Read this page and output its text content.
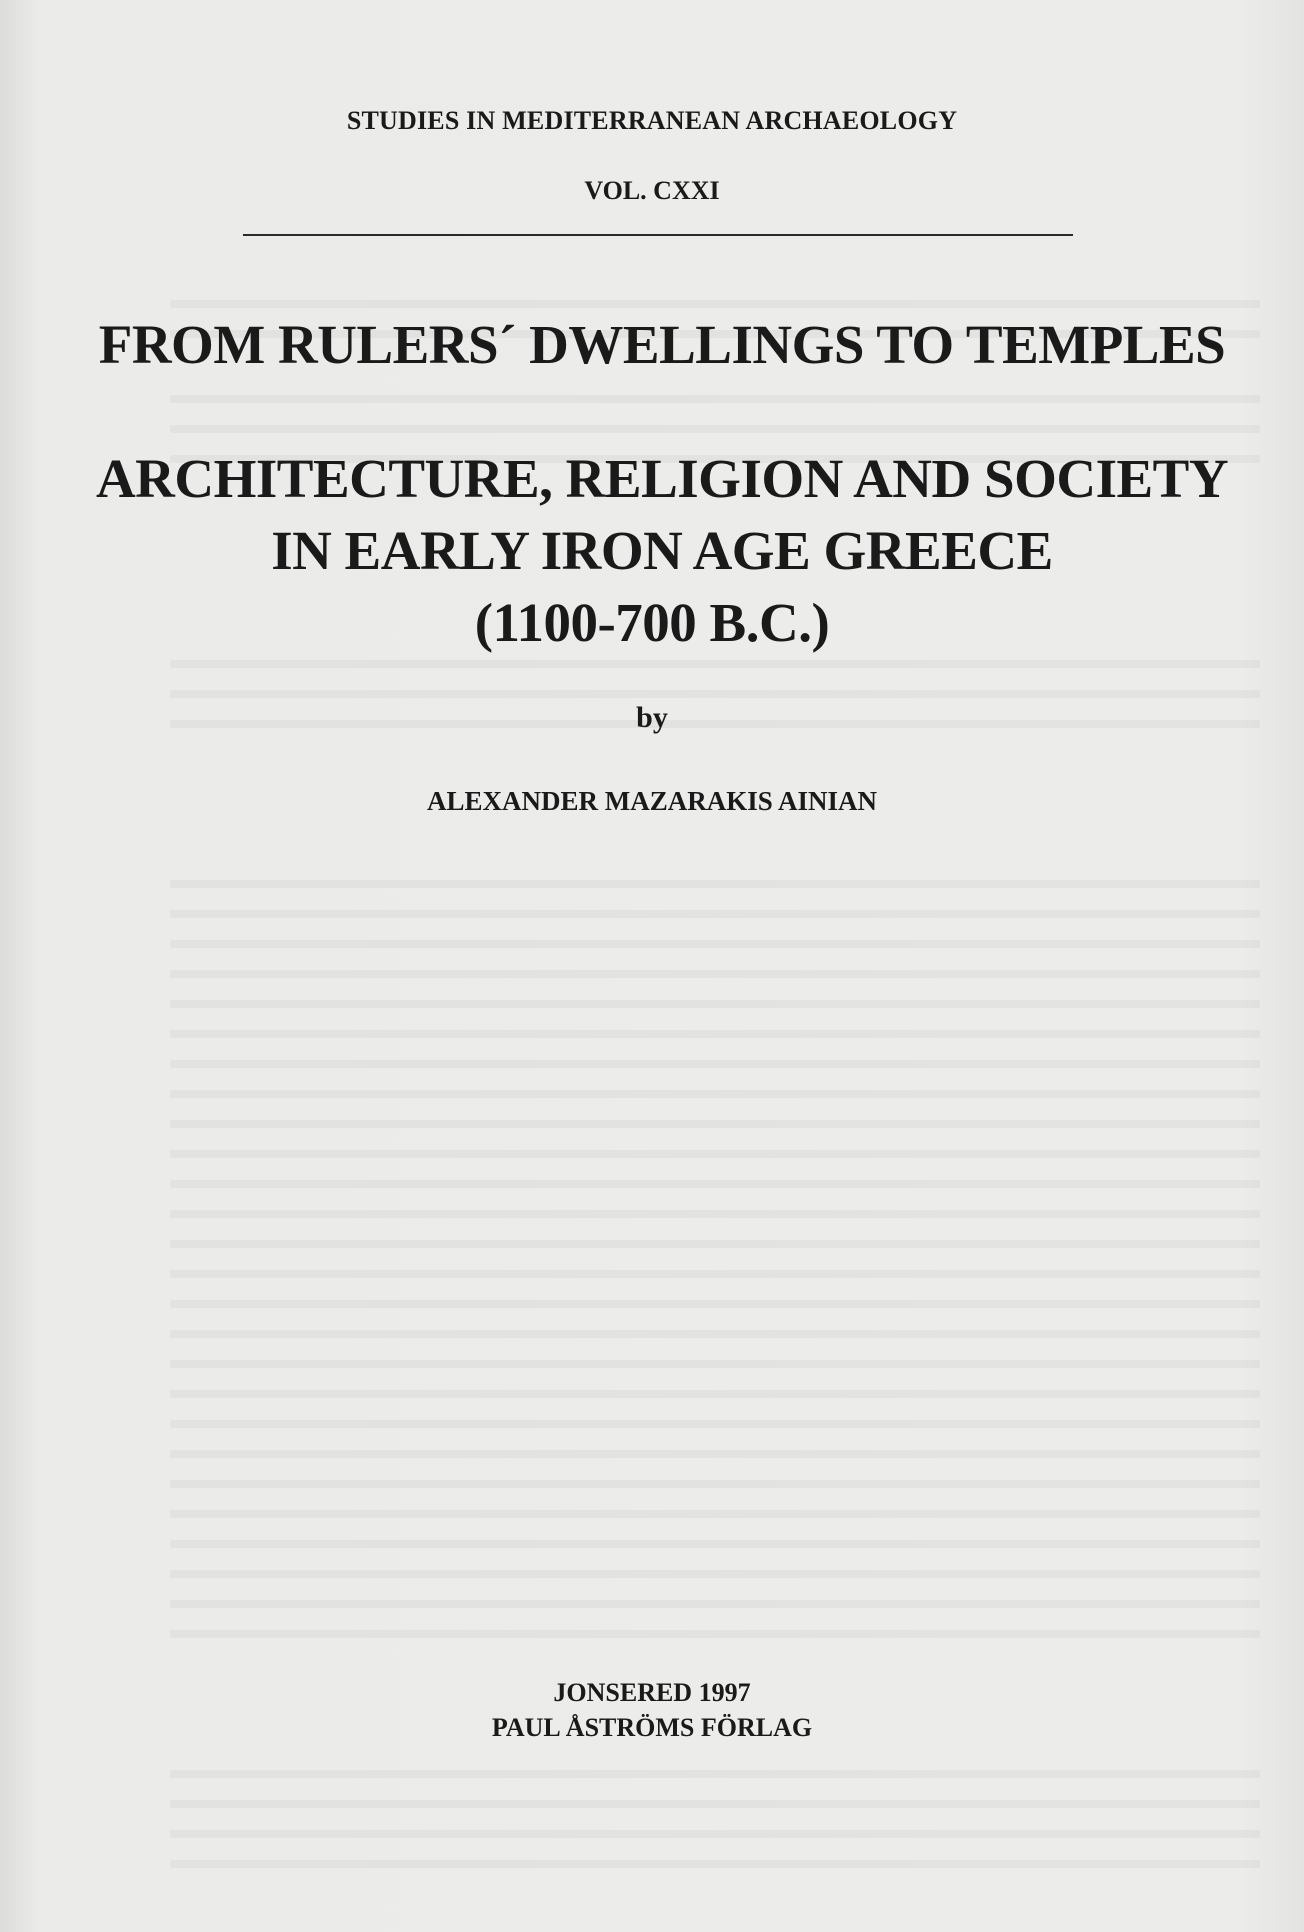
STUDIES IN MEDITERRANEAN ARCHAEOLOGY
VOL. CXXI
FROM RULERS´ DWELLINGS TO TEMPLES
ARCHITECTURE, RELIGION AND SOCIETY
IN EARLY IRON AGE GREECE
(1100-700 B.C.)
by
ALEXANDER MAZARAKIS AINIAN
JONSERED 1997
PAUL ÅSTRÖMS FÖRLAG
